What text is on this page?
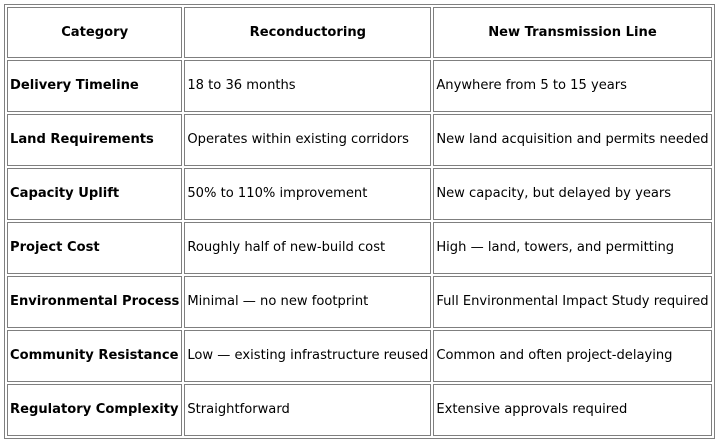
Category	Reconductoring	New Transmission Line
Delivery Timeline	18 to 36 months	Anywhere from 5 to 15 years
Land Requirements	Operates within existing corridors	New land acquisition and permits needed
Capacity Uplift	50% to 110% improvement	New capacity, but delayed by years
Project Cost	Roughly half of new-build cost	High — land, towers, and permitting
Environmental Process	Minimal — no new footprint	Full Environmental Impact Study required
Community Resistance	Low — existing infrastructure reused	Common and often project-delaying
Regulatory Complexity	Straightforward	Extensive approvals required
